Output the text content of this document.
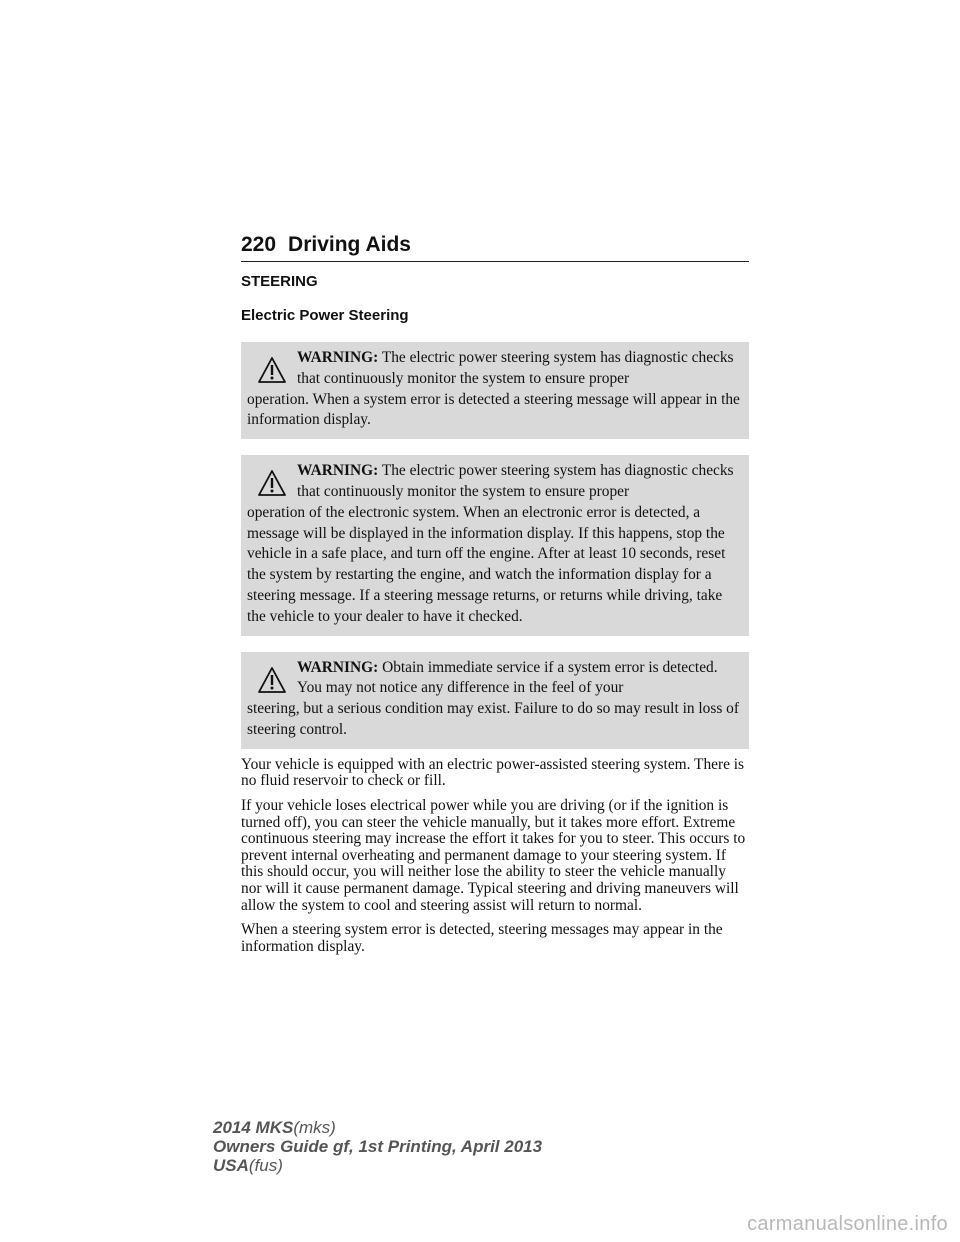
220 Driving Aids
STEERING
Electric Power Steering
WARNING: The electric power steering system has diagnostic checks that continuously monitor the system to ensure proper
operation. When a system error is detected a steering message will appear in the information display.
WARNING: The electric power steering system has diagnostic checks that continuously monitor the system to ensure proper
operation of the electronic system. When an electronic error is detected, a message will be displayed in the information display. If this happens, stop the vehicle in a safe place, and turn off the engine. After at least 10 seconds, reset the system by restarting the engine, and watch the information display for a steering message. If a steering message returns, or returns while driving, take the vehicle to your dealer to have it checked.
WARNING: Obtain immediate service if a system error is detected. You may not notice any difference in the feel of your
steering, but a serious condition may exist. Failure to do so may result in loss of steering control.

Your vehicle is equipped with an electric power-assisted steering system. There is no fluid reservoir to check or fill.

If your vehicle loses electrical power while you are driving (or if the ignition is turned off), you can steer the vehicle manually, but it takes more effort. Extreme continuous steering may increase the effort it takes for you to steer. This occurs to prevent internal overheating and permanent damage to your steering system. If this should occur, you will neither lose the ability to steer the vehicle manually nor will it cause permanent damage. Typical steering and driving maneuvers will allow the system to cool and steering assist will return to normal.

When a steering system error is detected, steering messages may appear in the information display.

2014 MKS(mks)
Owners Guide gf, 1st Printing, April 2013
USA(fus)
carmanualsonline.info
